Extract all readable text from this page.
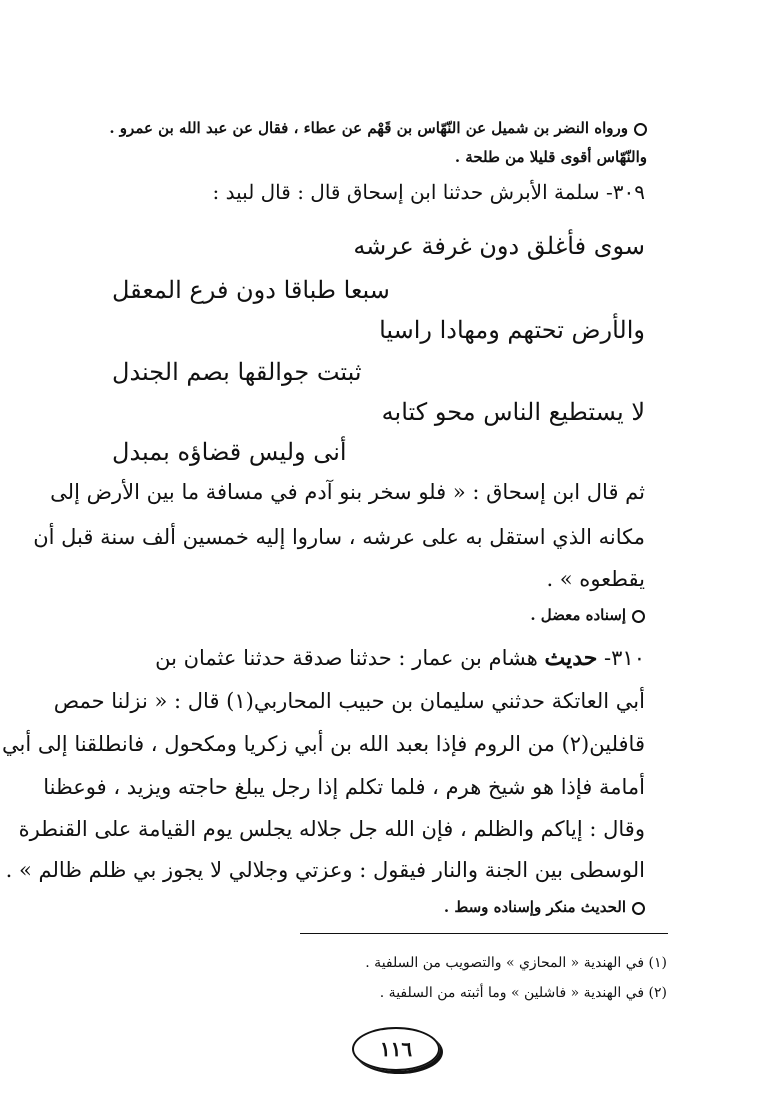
ورواه النضر بن شميل عن النّهّاس بن قَهْم عن عطاء ، فقال عن عبد الله بن عمرو .
والنّهّاس أقوى قليلا من طلحة .
٣٠٩- سلمة الأبرش حدثنا ابن إسحاق قال : قال لبيد :
سوى فأغلق دون غرفة عرشه
سبعا طباقا دون فرع المعقل
والأرض تحتهم ومهادا راسيا
ثبتت جوالقها بصم الجندل
لا يستطيع الناس محو كتابه
أنى وليس قضاؤه بمبدل
ثم قال ابن إسحاق : « فلو سخر بنو آدم في مسافة ما بين الأرض إلى
مكانه الذي استقل به على عرشه ، ساروا إليه خمسين ألف سنة قبل أن
يقطعوه » .
إسناده معضل .
٣١٠- حديث هشام بن عمار : حدثنا صدقة حدثنا عثمان بن
أبي العاتكة حدثني سليمان بن حبيب المحاربي(١) قال : « نزلنا حمص
قافلين(٢) من الروم فإذا بعبد الله بن أبي زكريا ومكحول ، فانطلقنا إلى أبي
أمامة فإذا هو شيخ هرم ، فلما تكلم إذا رجل يبلغ حاجته ويزيد ، فوعظنا
وقال : إياكم والظلم ، فإن الله جل جلاله يجلس يوم القيامة على القنطرة
الوسطى بين الجنة والنار فيقول : وعزتي وجلالي لا يجوز بي ظلم ظالم » .
الحديث منكر وإسناده وسط .
(١) في الهندية « المحازي » والتصويب من السلفية .
(٢) في الهندية « فاشلين » وما أثبته من السلفية .
١١٦
